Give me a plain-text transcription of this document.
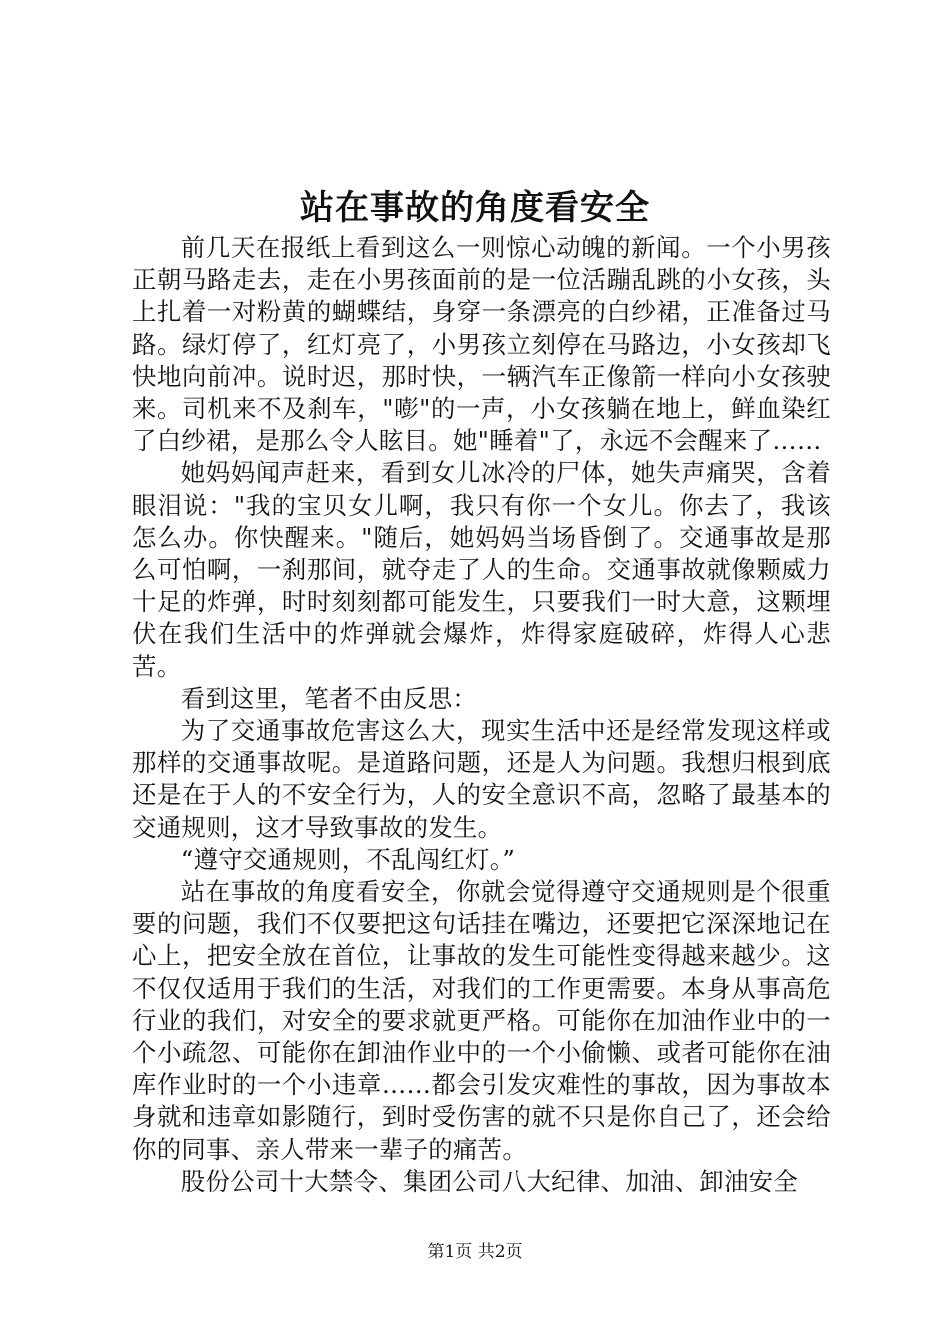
站在事故的角度看安全

前几天在报纸上看到这么一则惊心动魄的新闻。一个小男孩正朝马路走去，走在小男孩面前的是一位活蹦乱跳的小女孩，头上扎着一对粉黄的蝴蝶结，身穿一条漂亮的白纱裙，正准备过马路。绿灯停了，红灯亮了，小男孩立刻停在马路边，小女孩却飞快地向前冲。说时迟，那时快，一辆汽车正像箭一样向小女孩驶来。司机来不及刹车，"嘭"的一声，小女孩躺在地上，鲜血染红了白纱裙，是那么令人眩目。她"睡着"了，永远不会醒来了……

她妈妈闻声赶来，看到女儿冰冷的尸体，她失声痛哭，含着眼泪说："我的宝贝女儿啊，我只有你一个女儿。你去了，我该怎么办。你快醒来。"随后，她妈妈当场昏倒了。交通事故是那么可怕啊，一刹那间，就夺走了人的生命。交通事故就像颗威力十足的炸弹，时时刻刻都可能发生，只要我们一时大意，这颗埋伏在我们生活中的炸弹就会爆炸，炸得家庭破碎，炸得人心悲苦。

看到这里，笔者不由反思：

为了交通事故危害这么大，现实生活中还是经常发现这样或那样的交通事故呢。是道路问题，还是人为问题。我想归根到底还是在于人的不安全行为，人的安全意识不高，忽略了最基本的交通规则，这才导致事故的发生。

“遵守交通规则，不乱闯红灯。”

站在事故的角度看安全，你就会觉得遵守交通规则是个很重要的问题，我们不仅要把这句话挂在嘴边，还要把它深深地记在心上，把安全放在首位，让事故的发生可能性变得越来越少。这不仅仅适用于我们的生活，对我们的工作更需要。本身从事高危行业的我们，对安全的要求就更严格。可能你在加油作业中的一个小疏忽、可能你在卸油作业中的一个小偷懒、或者可能你在油库作业时的一个小违章……都会引发灾难性的事故，因为事故本身就和违章如影随行，到时受伤害的就不只是你自己了，还会给你的同事、亲人带来一辈子的痛苦。

股份公司十大禁令、集团公司八大纪律、加油、卸油安全

第1页 共2页
